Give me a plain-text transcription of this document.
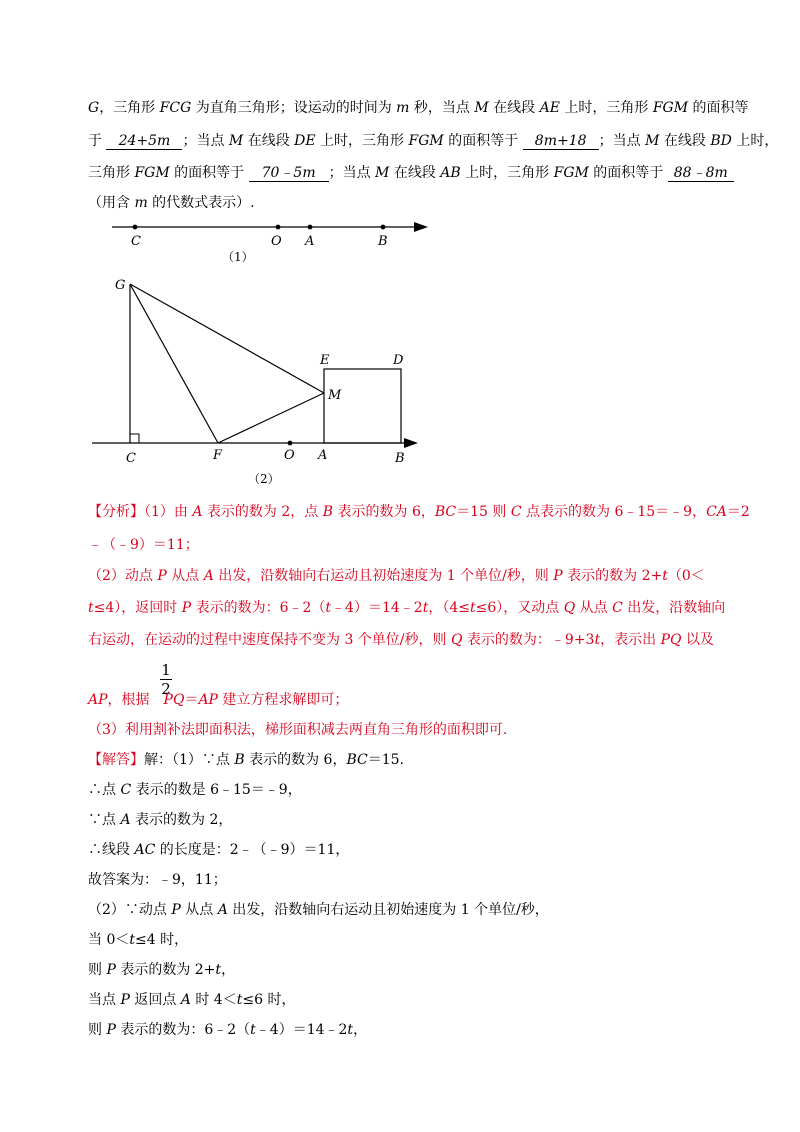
G，三角形 FCG 为直角三角形；设运动的时间为 m 秒，当点 M 在线段 AE 上时，三角形 FGM 的面积等
于 24+5m ；当点 M 在线段 DE 上时，三角形 FGM 的面积等于 8m+18 ；当点 M 在线段 BD 上时，
三角形 FGM 的面积等于 70﹣5m ；当点 M 在线段 AB 上时，三角形 FGM 的面积等于 88﹣8m
（用含 m 的代数式表示）.
C	O A	B
（1）
G
C	F	O A	B
E	D
M
（2）
【分析】（1）由 A 表示的数为 2，点 B 表示的数为 6，BC＝15 则 C 点表示的数为 6﹣15＝﹣9，CA＝2
﹣（﹣9）＝11；
（2）动点 P 从点 A 出发，沿数轴向右运动且初始速度为 1 个单位/秒，则 P 表示的数为 2+t（0＜
t≤4），返回时 P 表示的数为：6﹣2（t﹣4）＝14﹣2t，（4≤t≤6），又动点 Q 从点 C 出发，沿数轴向
右运动，在运动的过程中速度保持不变为 3 个单位/秒，则 Q 表示的数为：﹣9+3t，表示出 PQ 以及
1
2
AP，根据 PQ＝AP 建立方程求解即可；
（3）利用割补法即面积法，梯形面积减去两直角三角形的面积即可.
【解答】解：（1）∵点 B 表示的数为 6，BC＝15.
∴点 C 表示的数是 6﹣15＝﹣9，
∵点 A 表示的数为 2，
∴线段 AC 的长度是：2﹣（﹣9）＝11，
故答案为：﹣9，11；
（2）∵动点 P 从点 A 出发，沿数轴向右运动且初始速度为 1 个单位/秒，
当 0＜t≤4 时，
则 P 表示的数为 2+t，
当点 P 返回点 A 时 4＜t≤6 时，
则 P 表示的数为：6﹣2（t﹣4）＝14﹣2t，
